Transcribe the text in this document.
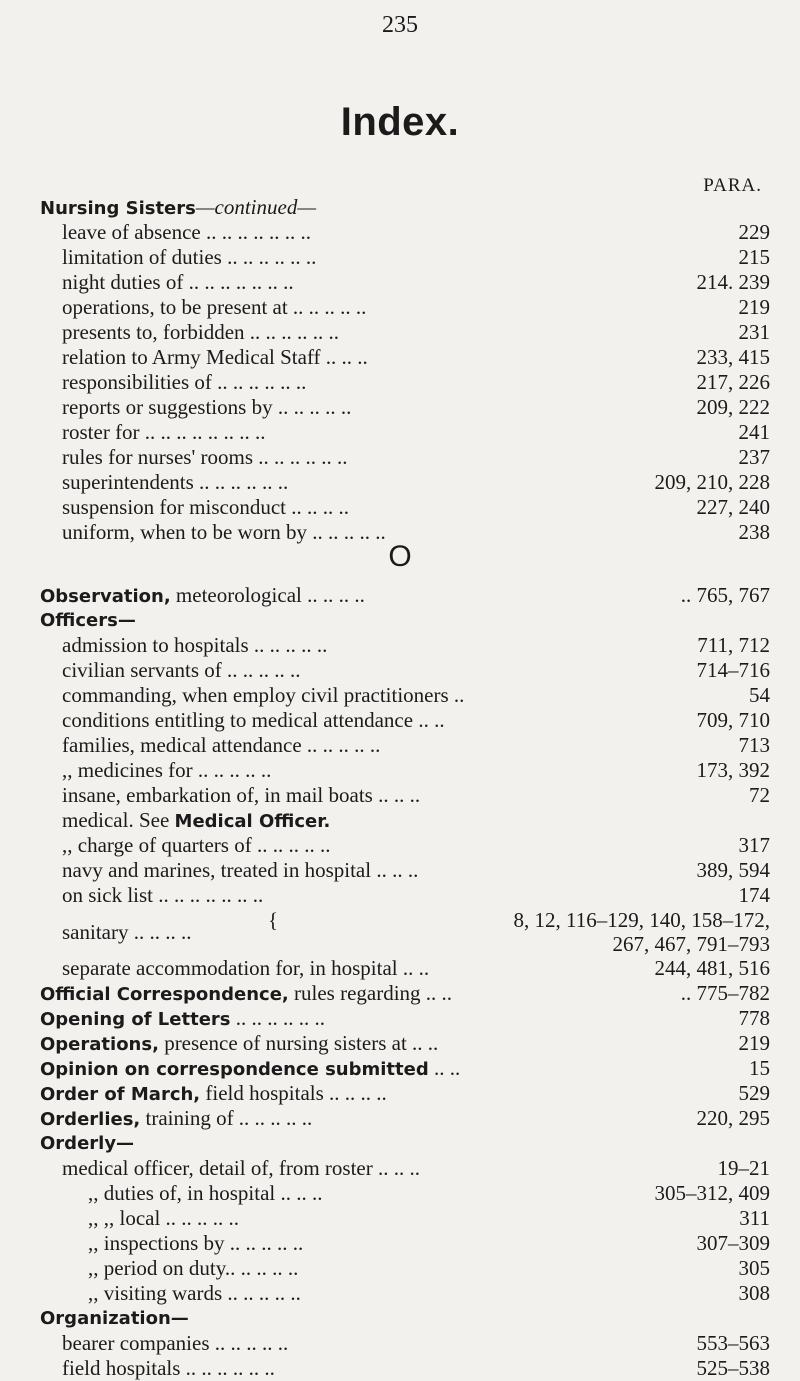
235
Index.
PARA.
Nursing Sisters—continued—
leave of absence .. .. .. .. .. .. ..	229
limitation of duties .. .. .. .. .. ..	215
night duties of .. .. .. .. .. .. ..	214. 239
operations, to be present at .. .. .. .. ..	219
presents to, forbidden .. .. .. .. .. ..	231
relation to Army Medical Staff .. .. ..	233, 415
responsibilities of .. .. .. .. .. ..	217, 226
reports or suggestions by .. .. .. .. ..	209, 222
roster for .. .. .. .. .. .. .. ..	241
rules for nurses' rooms .. .. .. .. .. ..	237
superintendents .. .. .. .. .. ..	209, 210, 228
suspension for misconduct .. .. .. ..	227, 240
uniform, when to be worn by .. .. .. .. ..	238
O
Observation, meteorological .. .. .. ..	.. 765, 767
Officers—
admission to hospitals .. .. .. .. ..	711, 712
civilian servants of .. .. .. .. ..	714–716
commanding, when employ civil practitioners ..	54
conditions entitling to medical attendance .. ..	709, 710
families, medical attendance .. .. .. .. ..	713
,, medicines for .. .. .. .. ..	173, 392
insane, embarkation of, in mail boats .. .. ..	72
medical. See Medical Officer.
,, charge of quarters of .. .. .. .. ..	317
navy and marines, treated in hospital .. .. ..	389, 594
on sick list .. .. .. .. .. .. ..	174
sanitary .. .. .. ..	{	8, 12, 116–129, 140, 158–172,
267, 467, 791–793
separate accommodation for, in hospital .. ..	244, 481, 516
Official Correspondence, rules regarding .. ..	.. 775–782
Opening of Letters .. .. .. .. .. ..	778
Operations, presence of nursing sisters at .. ..	219
Opinion on correspondence submitted .. ..	15
Order of March, field hospitals .. .. .. ..	529
Orderlies, training of .. .. .. .. ..	220, 295
Orderly—
medical officer, detail of, from roster .. .. ..	19–21
,, duties of, in hospital .. .. ..	305–312, 409
,, ,, local .. .. .. .. ..	311
,, inspections by .. .. .. .. ..	307–309
,, period on duty.. .. .. .. ..	305
,, visiting wards .. .. .. .. ..	308
Organization—
bearer companies .. .. .. .. ..	553–563
field hospitals .. .. .. .. .. ..	525–538
